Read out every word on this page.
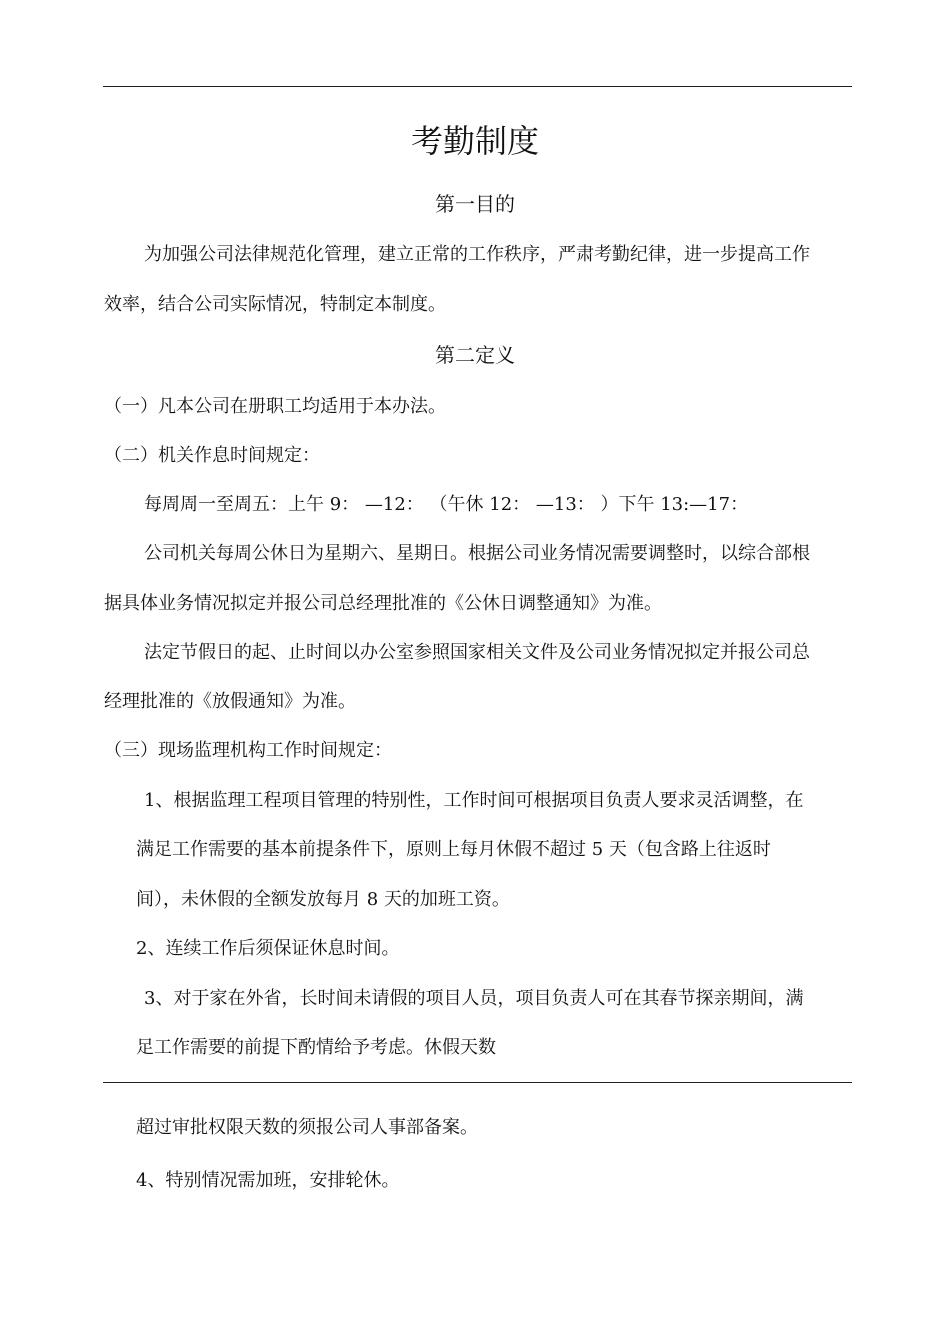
考勤制度
第一目的
为加强公司法律规范化管理，建立正常的工作秩序，严肃考勤纪律，进一步提高工作
效率，结合公司实际情况，特制定本制度。
第二定义
（一）凡本公司在册职工均适用于本办法。
（二）机关作息时间规定：
每周周一至周五：上午 9： —12： （午休 12： —13： ）下午 13:—17：
公司机关每周公休日为星期六、星期日。根据公司业务情况需要调整时，以综合部根
据具体业务情况拟定并报公司总经理批准的《公休日调整通知》为准。
法定节假日的起、止时间以办公室参照国家相关文件及公司业务情况拟定并报公司总
经理批准的《放假通知》为准。
（三）现场监理机构工作时间规定：
1、根据监理工程项目管理的特别性，工作时间可根据项目负责人要求灵活调整，在
满足工作需要的基本前提条件下，原则上每月休假不超过 5 天（包含路上往返时
间），未休假的全额发放每月 8 天的加班工资。
2、连续工作后须保证休息时间。
3、对于家在外省，长时间未请假的项目人员，项目负责人可在其春节探亲期间，满
足工作需要的前提下酌情给予考虑。休假天数
超过审批权限天数的须报公司人事部备案。
4、特别情况需加班，安排轮休。
